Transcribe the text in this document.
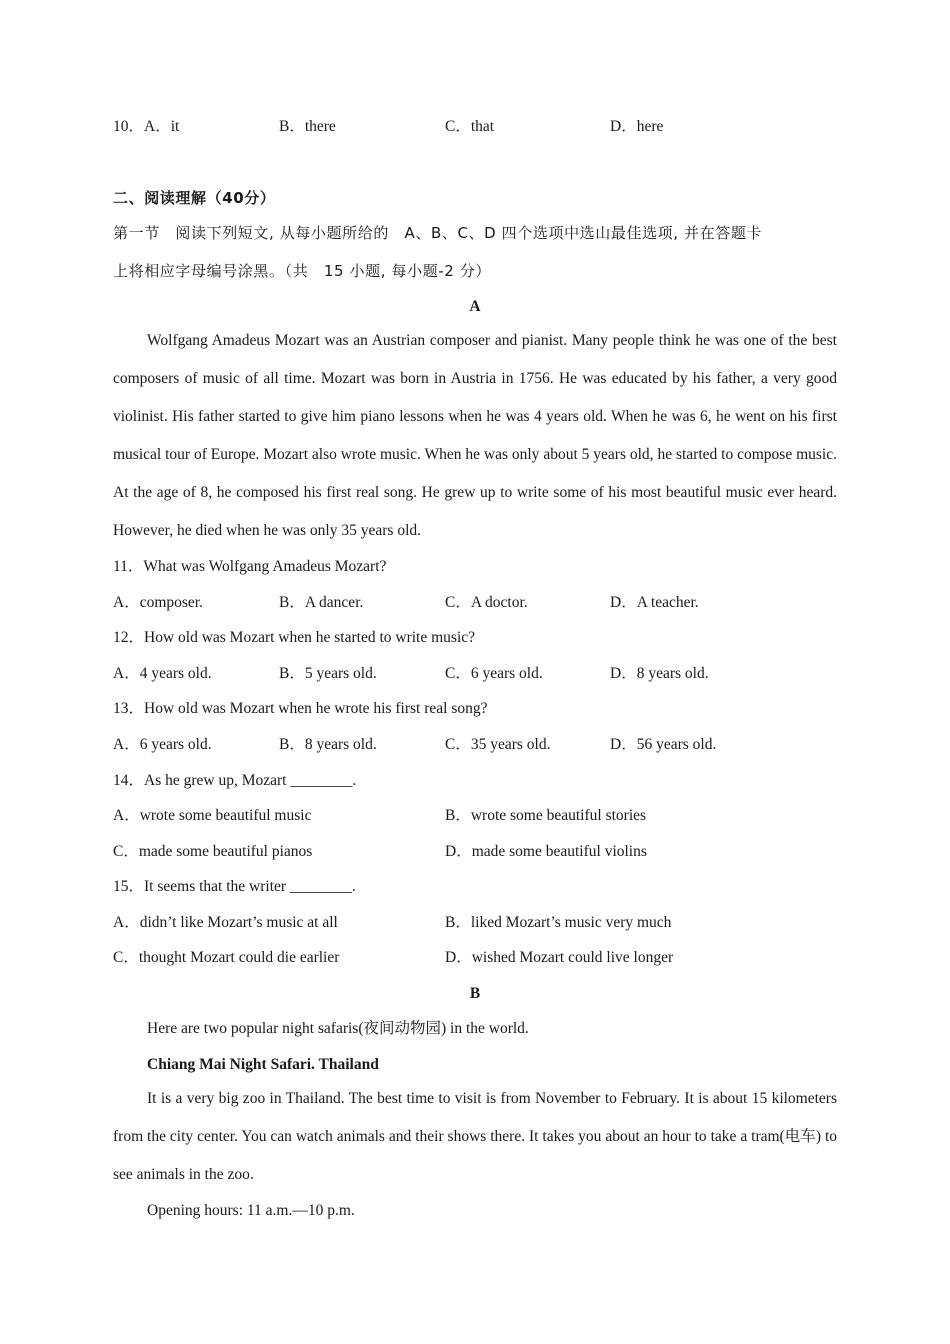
10．A．it	B．there	C．that	D．here
二、阅读理解（40分）
第一节　阅读下列短文, 从每小题所给的　A、B、C、D 四个选项中选山最佳选项, 并在答题卡
上将相应字母编号涂黑。（共　15 小题, 每小题-2 分）
A
Wolfgang Amadeus Mozart was an Austrian composer and pianist. Many people think he was one of the best composers of music of all time. Mozart was born in Austria in 1756. He was educated by his father, a very good violinist. His father started to give him piano lessons when he was 4 years old. When he was 6, he went on his first musical tour of Europe. Mozart also wrote music. When he was only about 5 years old, he started to compose music. At the age of 8, he composed his first real song. He grew up to write some of his most beautiful music ever heard. However, he died when he was only 35 years old.
11．What was Wolfgang Amadeus Mozart?
A．composer.	B．A dancer.	C．A doctor.	D．A teacher.
12．How old was Mozart when he started to write music?
A．4 years old.	B．5 years old.	C．6 years old.	D．8 years old.
13．How old was Mozart when he wrote his first real song?
A．6 years old.	B．8 years old.	C．35 years old.	D．56 years old.
14．As he grew up, Mozart ________.
A．wrote some beautiful music	B．wrote some beautiful stories
C．made some beautiful pianos	D．made some beautiful violins
15．It seems that the writer ________.
A．didn’t like Mozart’s music at all	B．liked Mozart’s music very much
C．thought Mozart could die earlier	D．wished Mozart could live longer
B
Here are two popular night safaris(夜间动物园) in the world.
Chiang Mai Night Safari. Thailand
It is a very big zoo in Thailand. The best time to visit is from November to February. It is about 15 kilometers from the city center. You can watch animals and their shows there. It takes you about an hour to take a tram(电车) to see animals in the zoo.
Opening hours: 11 a.m.—10 p.m.
